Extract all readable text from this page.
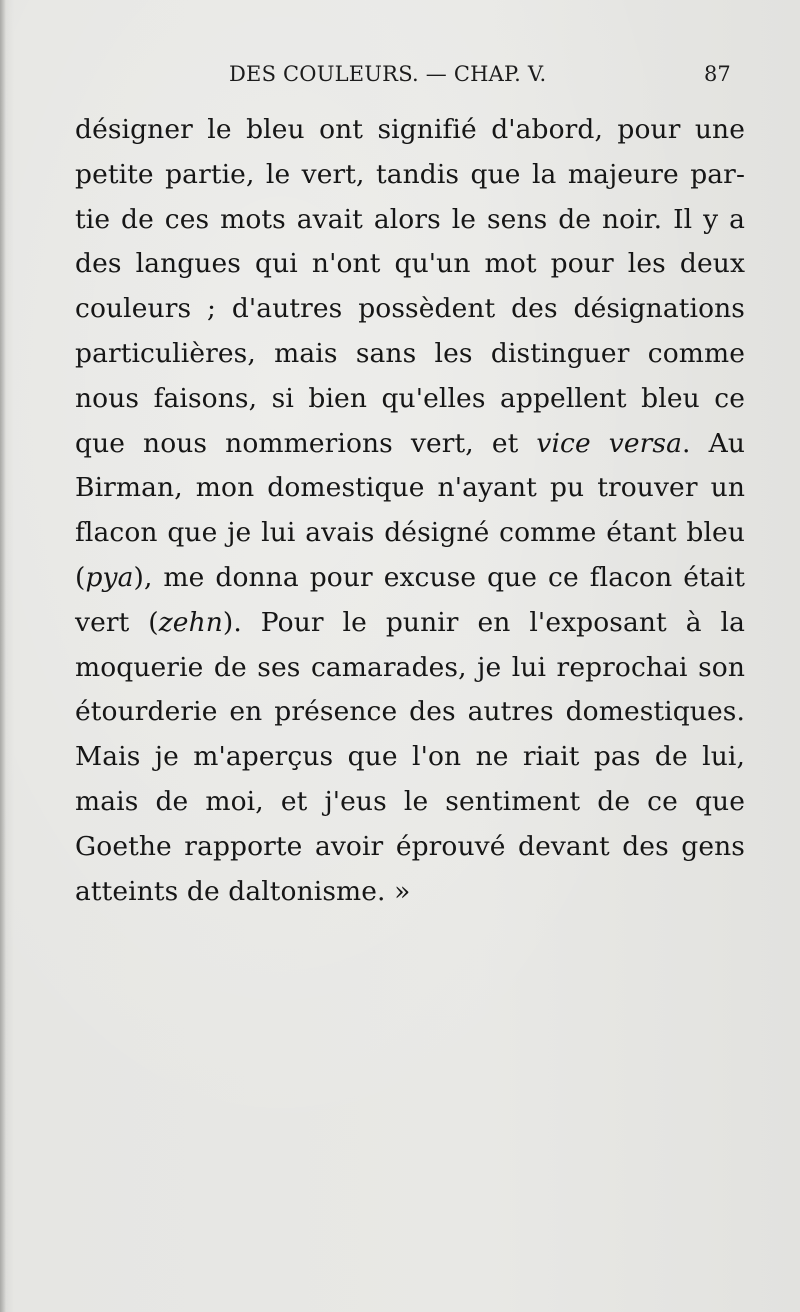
DES COULEURS. — CHAP. V.	87
désigner le bleu ont signifié d'abord, pour une
petite partie, le vert, tandis que la majeure par-
tie de ces mots avait alors le sens de noir. Il y a
des langues qui n'ont qu'un mot pour les deux
couleurs ; d'autres possèdent des désignations
particulières, mais sans les distinguer comme
nous faisons, si bien qu'elles appellent bleu ce
que nous nommerions vert, et vice versa. Au
Birman, mon domestique n'ayant pu trouver un
flacon que je lui avais désigné comme étant bleu
(pya), me donna pour excuse que ce flacon était
vert (zehn). Pour le punir en l'exposant à la
moquerie de ses camarades, je lui reprochai son
étourderie en présence des autres domestiques.
Mais je m'aperçus que l'on ne riait pas de lui,
mais de moi, et j'eus le sentiment de ce que
Goethe rapporte avoir éprouvé devant des gens
atteints de daltonisme. »
